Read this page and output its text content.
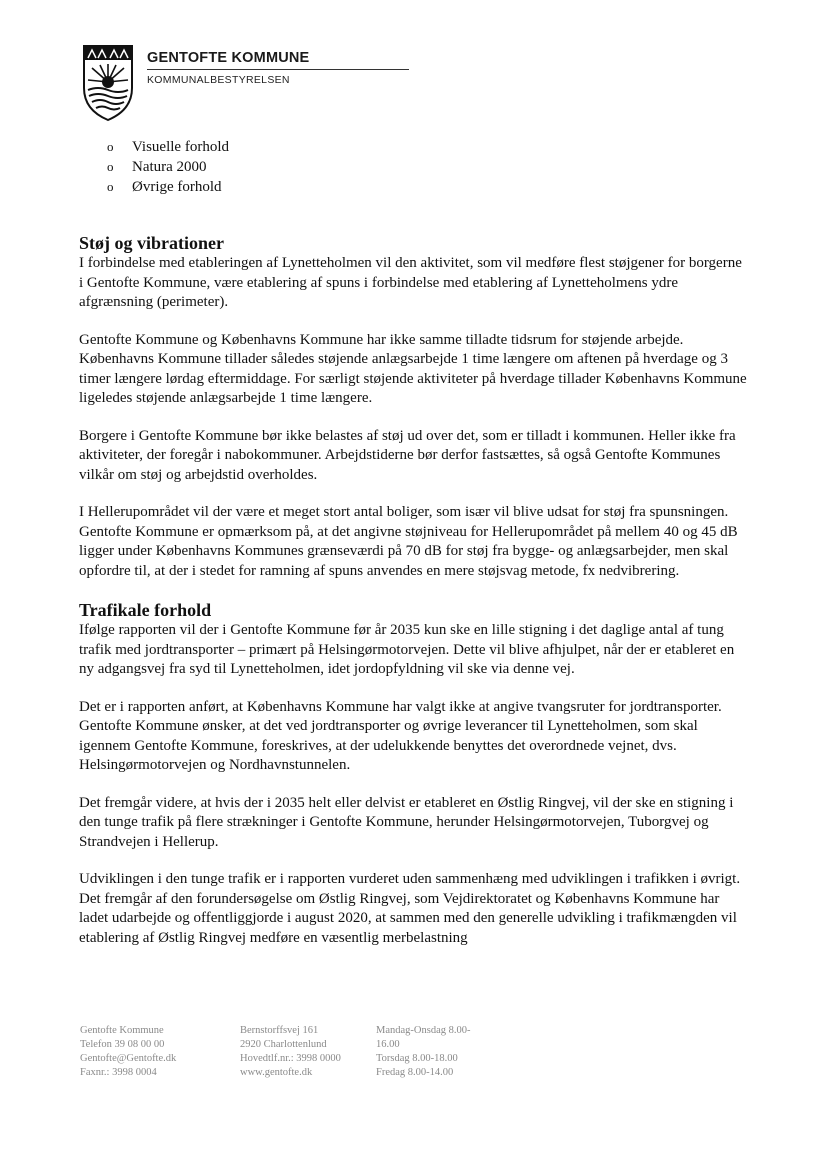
GENTOFTE KOMMUNE
KOMMUNALBESTYRELSEN
o Visuelle forhold
o Natura 2000
o Øvrige forhold
Støj og vibrationer

I forbindelse med etableringen af Lynetteholmen vil den aktivitet, som vil medføre flest støjgener for borgerne i Gentofte Kommune, være etablering af spuns i forbindelse med etablering af Lynetteholmens ydre afgrænsning (perimeter).

Gentofte Kommune og Københavns Kommune har ikke samme tilladte tidsrum for støjende arbejde. Københavns Kommune tillader således støjende anlægsarbejde 1 time længere om aftenen på hverdage og 3 timer længere lørdag eftermiddage. For særligt støjende aktiviteter på hverdage tillader Københavns Kommune ligeledes støjende anlægsarbejde 1 time længere.

Borgere i Gentofte Kommune bør ikke belastes af støj ud over det, som er tilladt i kommunen. Heller ikke fra aktiviteter, der foregår i nabokommuner. Arbejdstiderne bør derfor fastsættes, så også Gentofte Kommunes vilkår om støj og arbejdstid overholdes.

I Hellerupområdet vil der være et meget stort antal boliger, som især vil blive udsat for støj fra spunsningen. Gentofte Kommune er opmærksom på, at det angivne støjniveau for Hellerupområdet på mellem 40 og 45 dB ligger under Københavns Kommunes grænseværdi på 70 dB for støj fra bygge- og anlægsarbejder, men skal opfordre til, at der i stedet for ramning af spuns anvendes en mere støjsvag metode, fx nedvibrering.

Trafikale forhold

Ifølge rapporten vil der i Gentofte Kommune før år 2035 kun ske en lille stigning i det daglige antal af tung trafik med jordtransporter – primært på Helsingørmotorvejen. Dette vil blive afhjulpet, når der er etableret en ny adgangsvej fra syd til Lynetteholmen, idet jordopfyldning vil ske via denne vej.

Det er i rapporten anført, at Københavns Kommune har valgt ikke at angive tvangsruter for jordtransporter. Gentofte Kommune ønsker, at det ved jordtransporter og øvrige leverancer til Lynetteholmen, som skal igennem Gentofte Kommune, foreskrives, at der udelukkende benyttes det overordnede vejnet, dvs. Helsingørmotorvejen og Nordhavnstunnelen.

Det fremgår videre, at hvis der i 2035 helt eller delvist er etableret en Østlig Ringvej, vil der ske en stigning i den tunge trafik på flere strækninger i Gentofte Kommune, herunder Helsingørmotorvejen, Tuborgvej og Strandvejen i Hellerup.

Udviklingen i den tunge trafik er i rapporten vurderet uden sammenhæng med udviklingen i trafikken i øvrigt. Det fremgår af den forundersøgelse om Østlig Ringvej, som Vejdirektoratet og Københavns Kommune har ladet udarbejde og offentliggjorde i august 2020, at sammen med den generelle udvikling i trafikmængden vil etablering af Østlig Ringvej medføre en væsentlig merbelastning

Gentofte Kommune
Telefon 39 08 00 00
Gentofte@Gentofte.dk
Faxnr.: 3998 0004
Bernstorffsvej 161
2920 Charlottenlund
Hovedtlf.nr.: 3998 0000
www.gentofte.dk
Mandag-Onsdag 8.00-
16.00
Torsdag 8.00-18.00
Fredag 8.00-14.00
